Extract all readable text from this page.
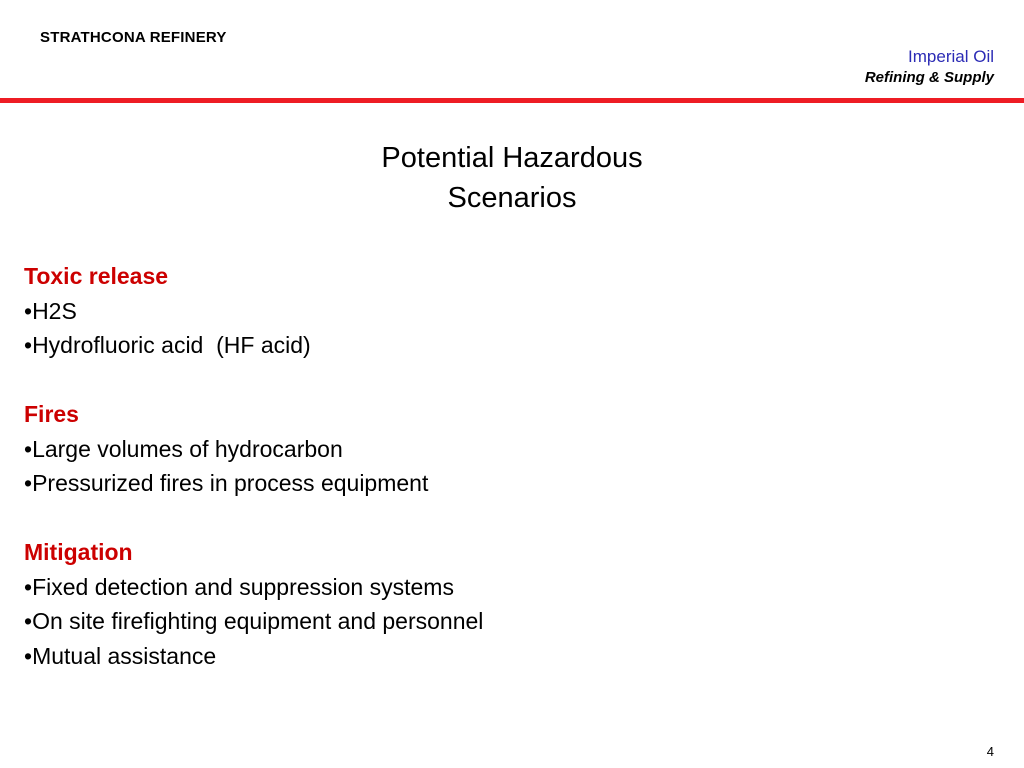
STRATHCONA REFINERY
Imperial Oil
Refining & Supply
Potential Hazardous
Scenarios
Toxic release
• H2S
• Hydrofluoric acid  (HF acid)
Fires
• Large volumes of hydrocarbon
• Pressurized fires in process equipment
Mitigation
• Fixed detection and suppression systems
• On site firefighting equipment and personnel
• Mutual assistance
4
